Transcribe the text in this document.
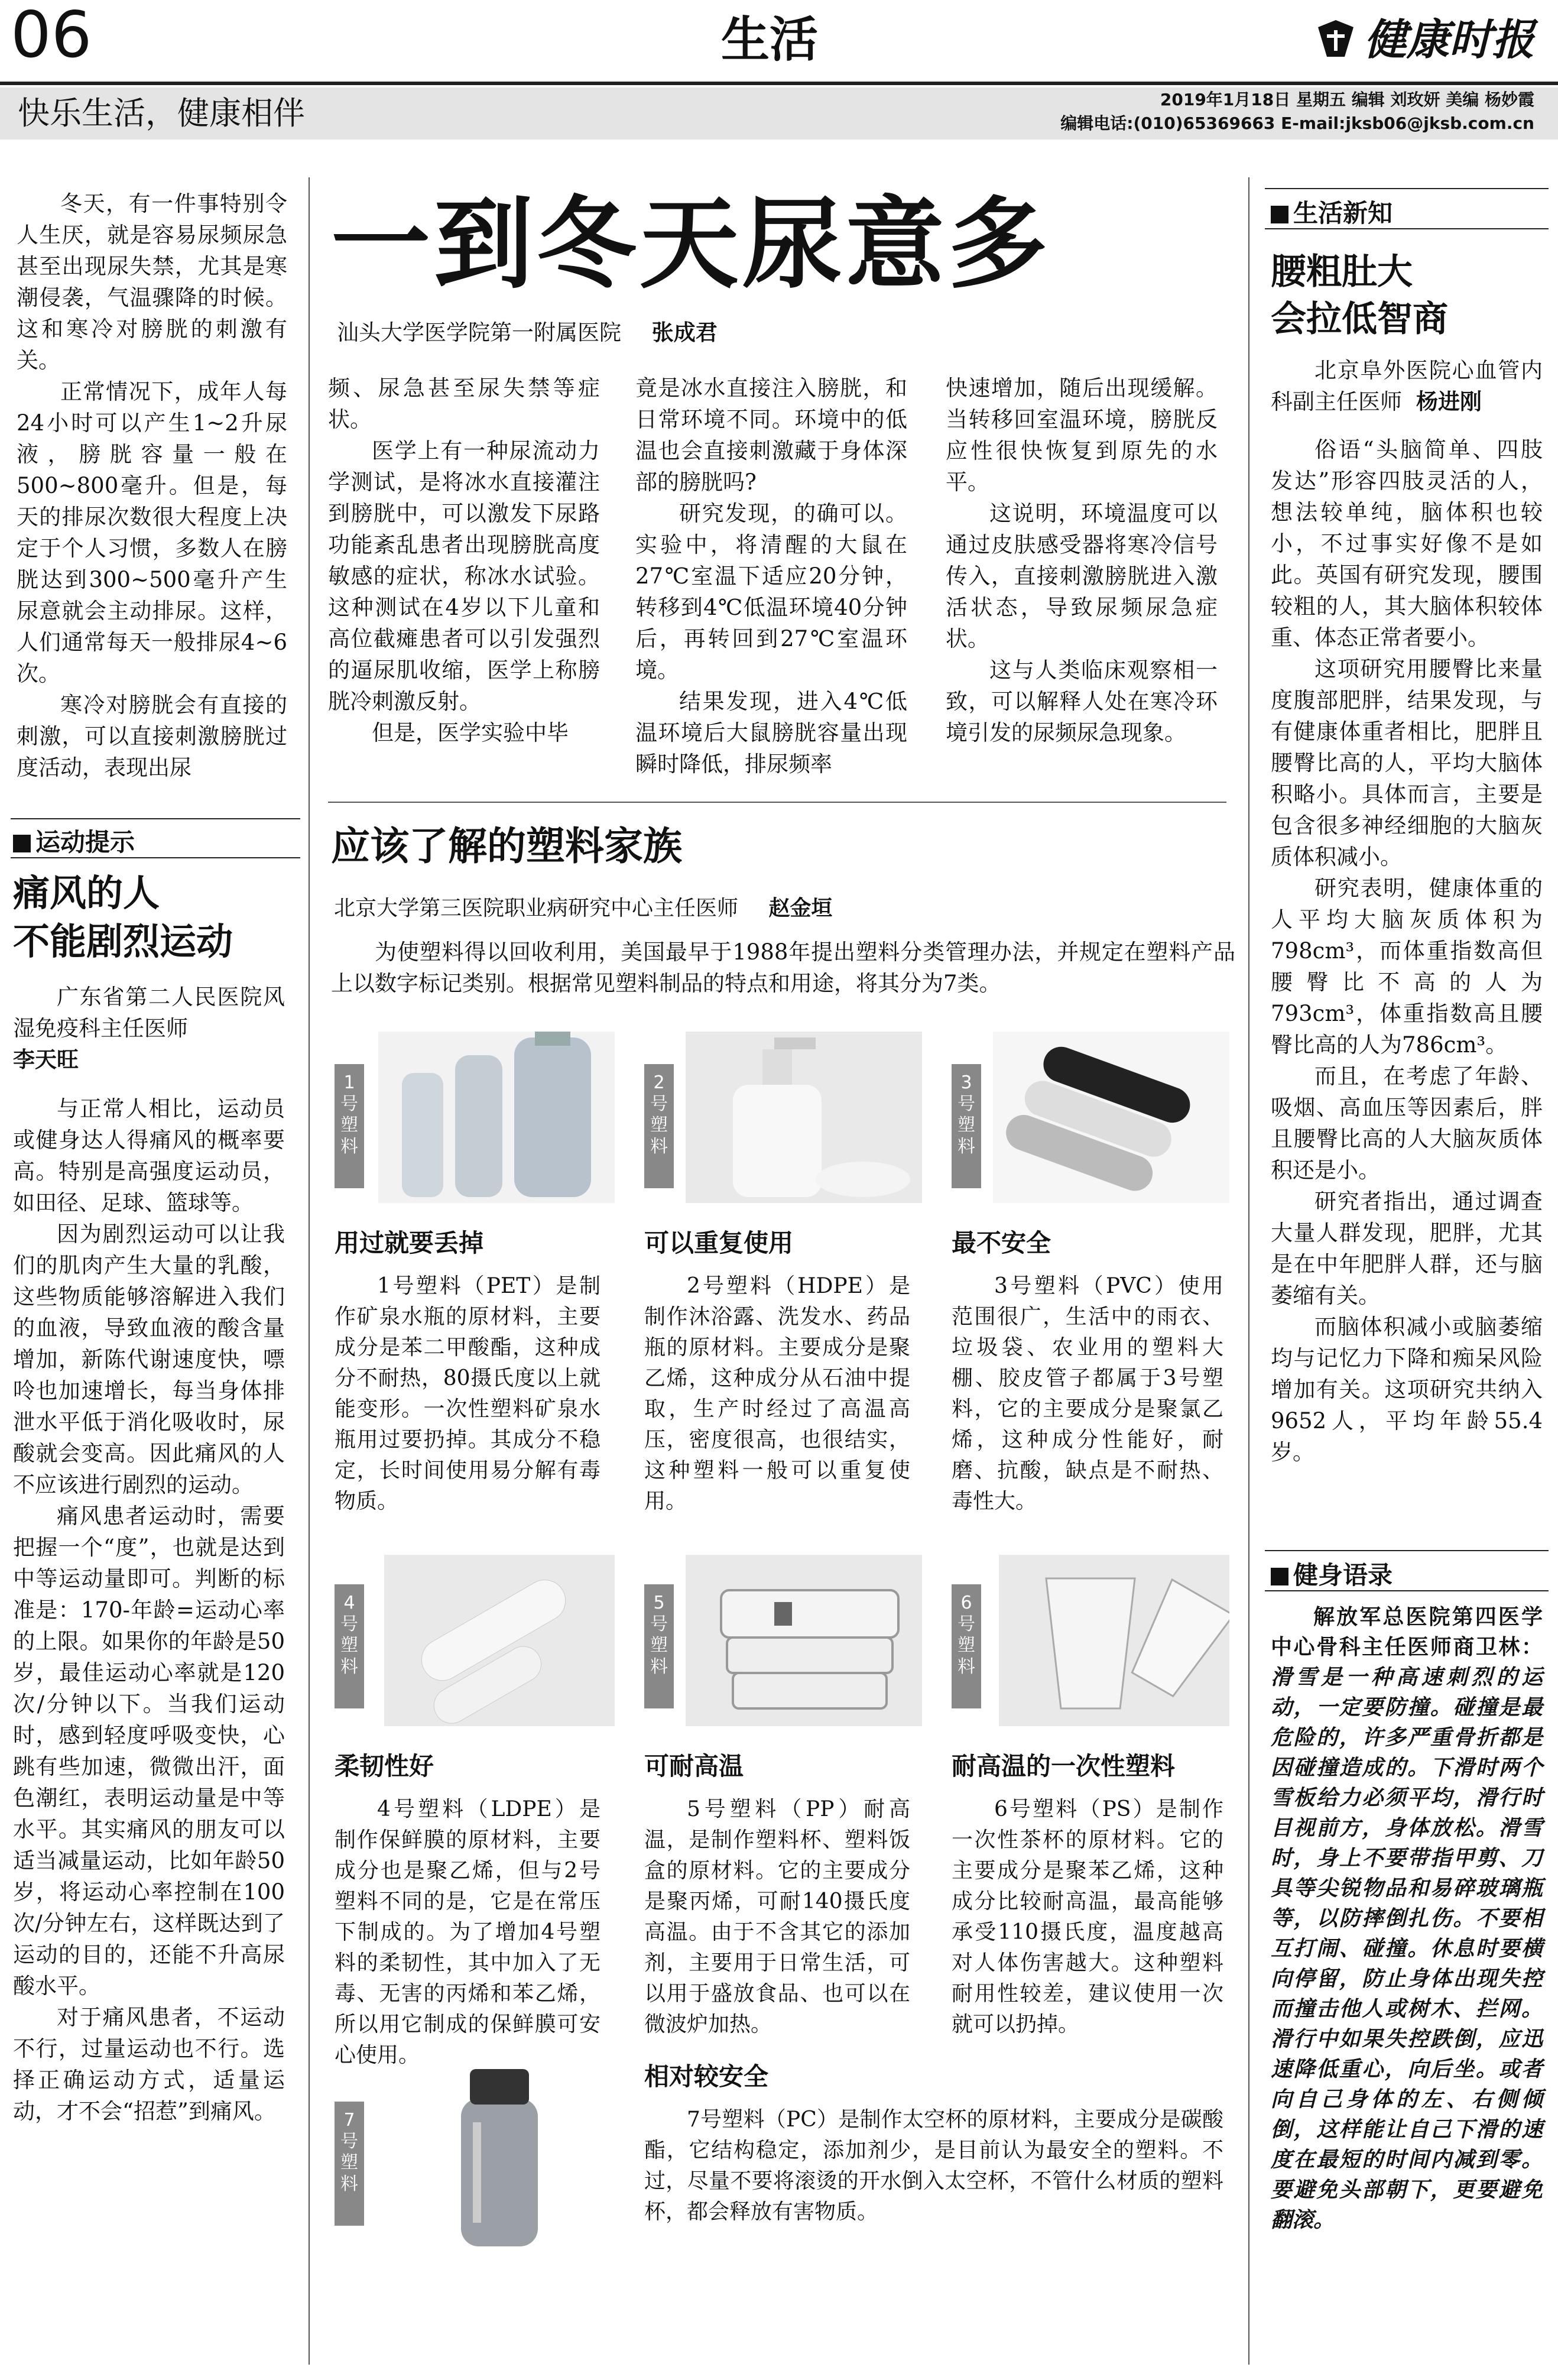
06	生活	健康时报
快乐生活，健康相伴	2019年1月18日 星期五 编辑 刘玫妍 美编 杨妙霞
编辑电话:(010)65369663 E-mail:jksb06@jksb.com.cn

冬天，有一件事特别令人生厌，就是容易尿频尿急甚至出现尿失禁，尤其是寒潮侵袭，气温骤降的时候。这和寒冷对膀胱的刺激有关。

正常情况下，成年人每24小时可以产生1~2升尿液，膀胱容量一般在500~800毫升。但是，每天的排尿次数很大程度上决定于个人习惯，多数人在膀胱达到300~500毫升产生尿意就会主动排尿。这样，人们通常每天一般排尿4~6次。

寒冷对膀胱会有直接的刺激，可以直接刺激膀胱过度活动，表现出尿

一到冬天尿意多
汕头大学医学院第一附属医院 张成君

频、尿急甚至尿失禁等症状。

医学上有一种尿流动力学测试，是将冰水直接灌注到膀胱中，可以激发下尿路功能紊乱患者出现膀胱高度敏感的症状，称冰水试验。这种测试在4岁以下儿童和高位截瘫患者可以引发强烈的逼尿肌收缩，医学上称膀胱冷刺激反射。

但是，医学实验中毕

竟是冰水直接注入膀胱，和日常环境不同。环境中的低温也会直接刺激藏于身体深部的膀胱吗?

研究发现，的确可以。实验中，将清醒的大鼠在27℃室温下适应20分钟，转移到4℃低温环境40分钟后，再转回到27℃室温环境。

结果发现，进入4℃低温环境后大鼠膀胱容量出现瞬时降低，排尿频率

快速增加，随后出现缓解。当转移回室温环境，膀胱反应性很快恢复到原先的水平。

这说明，环境温度可以通过皮肤感受器将寒冷信号传入，直接刺激膀胱进入激活状态，导致尿频尿急症状。

这与人类临床观察相一致，可以解释人处在寒冷环境引发的尿频尿急现象。

运动提示
痛风的人
不能剧烈运动

广东省第二人民医院风湿免疫科主任医师

李天旺

与正常人相比，运动员或健身达人得痛风的概率要高。特别是高强度运动员，如田径、足球、篮球等。

因为剧烈运动可以让我们的肌肉产生大量的乳酸，这些物质能够溶解进入我们的血液，导致血液的酸含量增加，新陈代谢速度快，嘌呤也加速增长，每当身体排泄水平低于消化吸收时，尿酸就会变高。因此痛风的人不应该进行剧烈的运动。

痛风患者运动时，需要把握一个“度”，也就是达到中等运动量即可。判断的标准是：170-年龄=运动心率的上限。如果你的年龄是50岁，最佳运动心率就是120次/分钟以下。当我们运动时，感到轻度呼吸变快，心跳有些加速，微微出汗，面色潮红，表明运动量是中等水平。其实痛风的朋友可以适当减量运动，比如年龄50岁，将运动心率控制在100次/分钟左右，这样既达到了运动的目的，还能不升高尿酸水平。

对于痛风患者，不运动不行，过量运动也不行。选择正确运动方式，适量运动，才不会“招惹”到痛风。

应该了解的塑料家族
北京大学第三医院职业病研究中心主任医师 赵金垣

为使塑料得以回收利用，美国最早于1988年提出塑料分类管理办法，并规定在塑料产品上以数字标记类别。根据常见塑料制品的特点和用途，将其分为7类。

1
号
塑
料
用过就要丢掉

1号塑料（PET）是制作矿泉水瓶的原材料，主要成分是苯二甲酸酯，这种成分不耐热，80摄氏度以上就能变形。一次性塑料矿泉水瓶用过要扔掉。其成分不稳定，长时间使用易分解有毒物质。

2
号
塑
料
可以重复使用

2号塑料（HDPE）是制作沐浴露、洗发水、药品瓶的原材料。主要成分是聚乙烯，这种成分从石油中提取，生产时经过了高温高压，密度很高，也很结实，这种塑料一般可以重复使用。

3
号
塑
料
最不安全

3号塑料（PVC）使用范围很广，生活中的雨衣、垃圾袋、农业用的塑料大棚、胶皮管子都属于3号塑料，它的主要成分是聚氯乙烯，这种成分性能好，耐磨、抗酸，缺点是不耐热、毒性大。

4
号
塑
料
柔韧性好

4号塑料（LDPE）是制作保鲜膜的原材料，主要成分也是聚乙烯，但与2号塑料不同的是，它是在常压下制成的。为了增加4号塑料的柔韧性，其中加入了无毒、无害的丙烯和苯乙烯，所以用它制成的保鲜膜可安心使用。

5
号
塑
料
可耐高温

5号塑料（PP）耐高温，是制作塑料杯、塑料饭盒的原材料。它的主要成分是聚丙烯，可耐140摄氏度高温。由于不含其它的添加剂，主要用于日常生活，可以用于盛放食品、也可以在微波炉加热。

6
号
塑
料
耐高温的一次性塑料

6号塑料（PS）是制作一次性茶杯的原材料。它的主要成分是聚苯乙烯，这种成分比较耐高温，最高能够承受110摄氏度，温度越高对人体伤害越大。这种塑料耐用性较差，建议使用一次就可以扔掉。

7
号
塑
料
相对较安全

7号塑料（PC）是制作太空杯的原材料，主要成分是碳酸酯，它结构稳定，添加剂少，是目前认为最安全的塑料。不过，尽量不要将滚烫的开水倒入太空杯，不管什么材质的塑料杯，都会释放有害物质。

生活新知
腰粗肚大
会拉低智商

北京阜外医院心血管内科副主任医师 杨进刚

俗语“头脑简单、四肢发达”形容四肢灵活的人，想法较单纯，脑体积也较小，不过事实好像不是如此。英国有研究发现，腰围较粗的人，其大脑体积较体重、体态正常者要小。

这项研究用腰臀比来量度腹部肥胖，结果发现，与有健康体重者相比，肥胖且腰臀比高的人，平均大脑体积略小。具体而言，主要是包含很多神经细胞的大脑灰质体积减小。

研究表明，健康体重的人平均大脑灰质体积为798cm³，而体重指数高但腰臀比不高的人为793cm³，体重指数高且腰臀比高的人为786cm³。

而且，在考虑了年龄、吸烟、高血压等因素后，胖且腰臀比高的人大脑灰质体积还是小。

研究者指出，通过调查大量人群发现，肥胖，尤其是在中年肥胖人群，还与脑萎缩有关。

而脑体积减小或脑萎缩均与记忆力下降和痴呆风险增加有关。这项研究共纳入9652人，平均年龄55.4岁。

健身语录

解放军总医院第四医学中心骨科主任医师商卫林：滑雪是一种高速刺烈的运动，一定要防撞。碰撞是最危险的，许多严重骨折都是因碰撞造成的。下滑时两个雪板给力必须平均，滑行时目视前方，身体放松。滑雪时，身上不要带指甲剪、刀具等尖锐物品和易碎玻璃瓶等，以防摔倒扎伤。不要相互打闹、碰撞。休息时要横向停留，防止身体出现失控而撞击他人或树木、拦网。滑行中如果失控跌倒，应迅速降低重心，向后坐。或者向自己身体的左、右侧倾倒，这样能让自己下滑的速度在最短的时间内减到零。要避免头部朝下，更要避免翻滚。
